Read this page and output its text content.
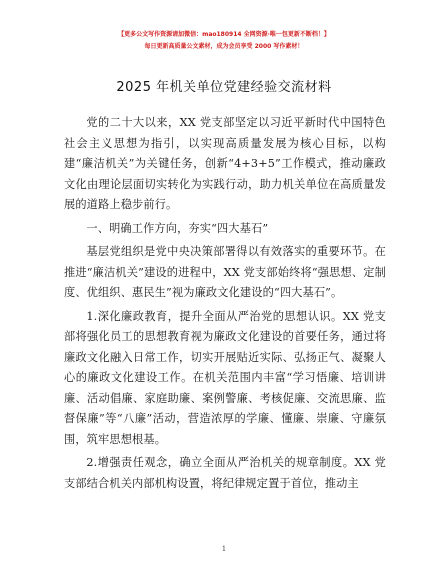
【更多公文写作资源请加微信：mao180914 全网资源·唯一包更新不断档！】
每日更新高质量公文素材，成为会员享受 2000 写作素材！
2025 年机关单位党建经验交流材料

党的二十大以来，XX 党支部坚定以习近平新时代中国特色社会主义思想为指引，以实现高质量发展为核心目标，以构建“廉洁机关”为关键任务，创新“4+3+5”工作模式，推动廉政文化由理论层面切实转化为实践行动，助力机关单位在高质量发展的道路上稳步前行。

一、明确工作方向，夯实“四大基石”

基层党组织是党中央决策部署得以有效落实的重要环节。在推进“廉洁机关”建设的进程中，XX 党支部始终将“强思想、定制度、优组织、惠民生”视为廉政文化建设的“四大基石”。

1.深化廉政教育，提升全面从严治党的思想认识。XX 党支部将强化员工的思想教育视为廉政文化建设的首要任务，通过将廉政文化融入日常工作，切实开展贴近实际、弘扬正气、凝聚人心的廉政文化建设工作。在机关范围内丰富“学习悟廉、培训讲廉、活动倡廉、家庭助廉、案例警廉、考核促廉、交流思廉、监督保廉”等“八廉”活动，营造浓厚的学廉、懂廉、崇廉、守廉氛围，筑牢思想根基。

2.增强责任观念，确立全面从严治机关的规章制度。XX 党支部结合机关内部机构设置，将纪律规定置于首位，推动主

1
